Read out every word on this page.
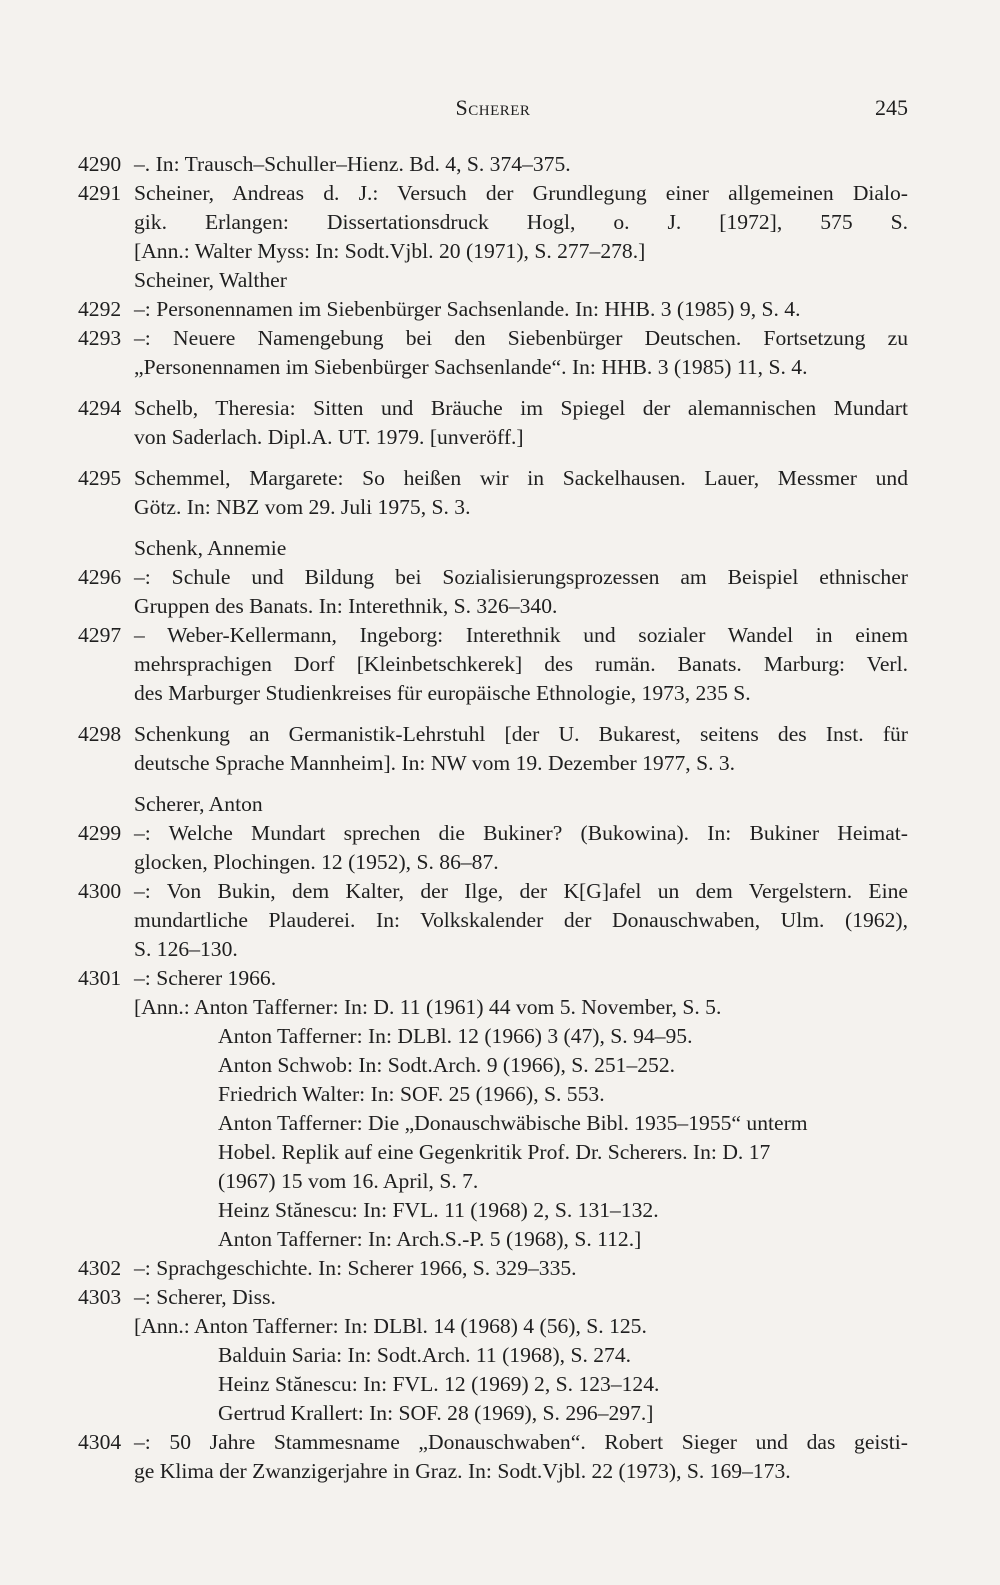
Scherer	245
4290 –. In: Trausch–Schuller–Hienz. Bd. 4, S. 374–375.
4291 Scheiner, Andreas d. J.: Versuch der Grundlegung einer allgemeinen Dialo-
gik. Erlangen: Dissertationsdruck Hogl, o. J. [1972], 575 S.
[Ann.: Walter Myss: In: Sodt.Vjbl. 20 (1971), S. 277–278.]
Scheiner, Walther
4292 –: Personennamen im Siebenbürger Sachsenlande. In: HHB. 3 (1985) 9, S. 4.
4293 –: Neuere Namengebung bei den Siebenbürger Deutschen. Fortsetzung zu
„Personennamen im Siebenbürger Sachsenlande“. In: HHB. 3 (1985) 11, S. 4.
4294 Schelb, Theresia: Sitten und Bräuche im Spiegel der alemannischen Mundart
von Saderlach. Dipl.A. UT. 1979. [unveröff.]
4295 Schemmel, Margarete: So heißen wir in Sackelhausen. Lauer, Messmer und
Götz. In: NBZ vom 29. Juli 1975, S. 3.
Schenk, Annemie
4296 –: Schule und Bildung bei Sozialisierungsprozessen am Beispiel ethnischer
Gruppen des Banats. In: Interethnik, S. 326–340.
4297 – Weber-Kellermann, Ingeborg: Interethnik und sozialer Wandel in einem
mehrsprachigen Dorf [Kleinbetschkerek] des rumän. Banats. Marburg: Verl.
des Marburger Studienkreises für europäische Ethnologie, 1973, 235 S.
4298 Schenkung an Germanistik-Lehrstuhl [der U. Bukarest, seitens des Inst. für
deutsche Sprache Mannheim]. In: NW vom 19. Dezember 1977, S. 3.
Scherer, Anton
4299 –: Welche Mundart sprechen die Bukiner? (Bukowina). In: Bukiner Heimat-
glocken, Plochingen. 12 (1952), S. 86–87.
4300 –: Von Bukin, dem Kalter, der Ilge, der K[G]afel un dem Vergelstern. Eine
mundartliche Plauderei. In: Volkskalender der Donauschwaben, Ulm. (1962),
S. 126–130.
4301 –: Scherer 1966.
[Ann.: Anton Tafferner: In: D. 11 (1961) 44 vom 5. November, S. 5.
Anton Tafferner: In: DLBl. 12 (1966) 3 (47), S. 94–95.
Anton Schwob: In: Sodt.Arch. 9 (1966), S. 251–252.
Friedrich Walter: In: SOF. 25 (1966), S. 553.
Anton Tafferner: Die „Donauschwäbische Bibl. 1935–1955“ unterm
Hobel. Replik auf eine Gegenkritik Prof. Dr. Scherers. In: D. 17
(1967) 15 vom 16. April, S. 7.
Heinz Stănescu: In: FVL. 11 (1968) 2, S. 131–132.
Anton Tafferner: In: Arch.S.-P. 5 (1968), S. 112.]
4302 –: Sprachgeschichte. In: Scherer 1966, S. 329–335.
4303 –: Scherer, Diss.
[Ann.: Anton Tafferner: In: DLBl. 14 (1968) 4 (56), S. 125.
Balduin Saria: In: Sodt.Arch. 11 (1968), S. 274.
Heinz Stănescu: In: FVL. 12 (1969) 2, S. 123–124.
Gertrud Krallert: In: SOF. 28 (1969), S. 296–297.]
4304 –: 50 Jahre Stammesname „Donauschwaben“. Robert Sieger und das geisti-
ge Klima der Zwanzigerjahre in Graz. In: Sodt.Vjbl. 22 (1973), S. 169–173.
